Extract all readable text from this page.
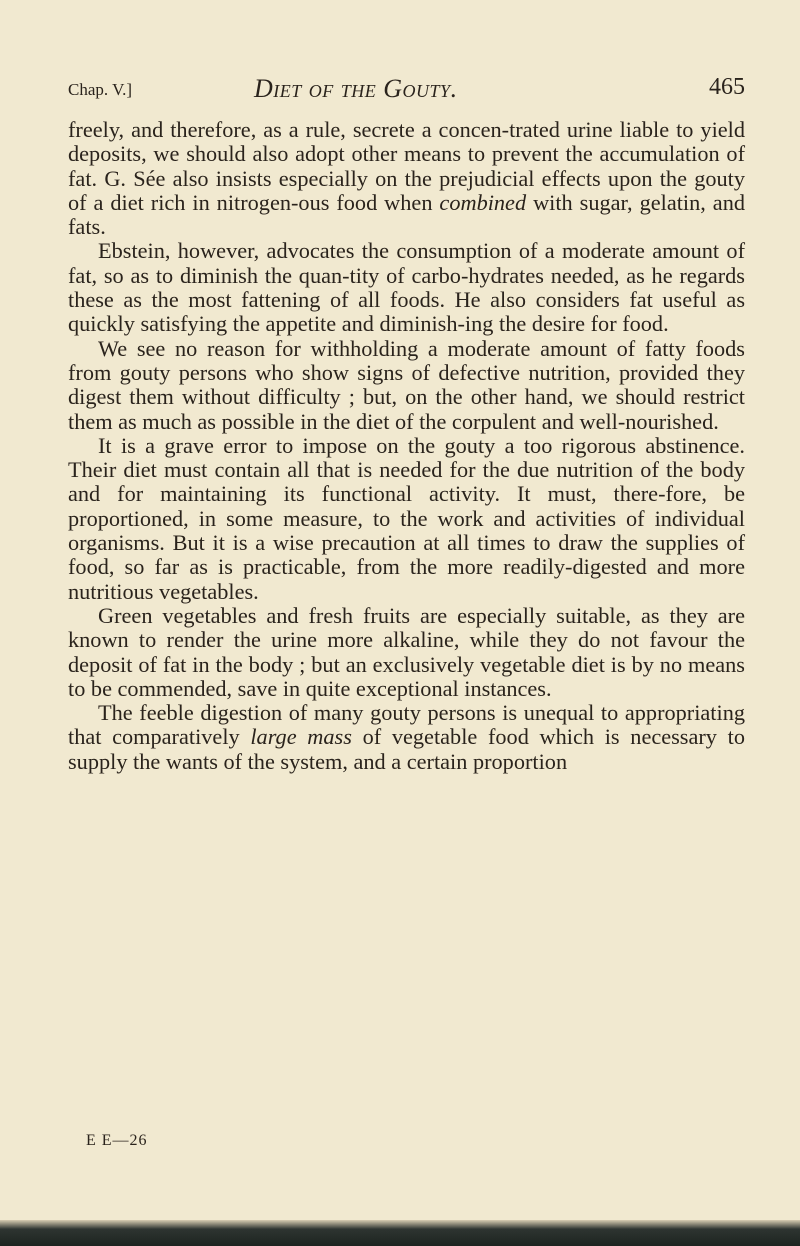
Chap. V.]	Diet of the Gouty.	465

freely, and therefore, as a rule, secrete a concen-trated urine liable to yield deposits, we should also adopt other means to prevent the accumulation of fat. G. Sée also insists especially on the prejudicial effects upon the gouty of a diet rich in nitrogen-ous food when combined with sugar, gelatin, and fats.

Ebstein, however, advocates the consumption of a moderate amount of fat, so as to diminish the quan-tity of carbo-hydrates needed, as he regards these as the most fattening of all foods. He also considers fat useful as quickly satisfying the appetite and diminish-ing the desire for food.

We see no reason for withholding a moderate amount of fatty foods from gouty persons who show signs of defective nutrition, provided they digest them without difficulty ; but, on the other hand, we should restrict them as much as possible in the diet of the corpulent and well-nourished.

It is a grave error to impose on the gouty a too rigorous abstinence. Their diet must contain all that is needed for the due nutrition of the body and for maintaining its functional activity. It must, there-fore, be proportioned, in some measure, to the work and activities of individual organisms. But it is a wise precaution at all times to draw the supplies of food, so far as is practicable, from the more readily-digested and more nutritious vegetables.

Green vegetables and fresh fruits are especially suitable, as they are known to render the urine more alkaline, while they do not favour the deposit of fat in the body ; but an exclusively vegetable diet is by no means to be commended, save in quite exceptional instances.

The feeble digestion of many gouty persons is unequal to appropriating that comparatively large mass of vegetable food which is necessary to supply the wants of the system, and a certain proportion

E E—26
